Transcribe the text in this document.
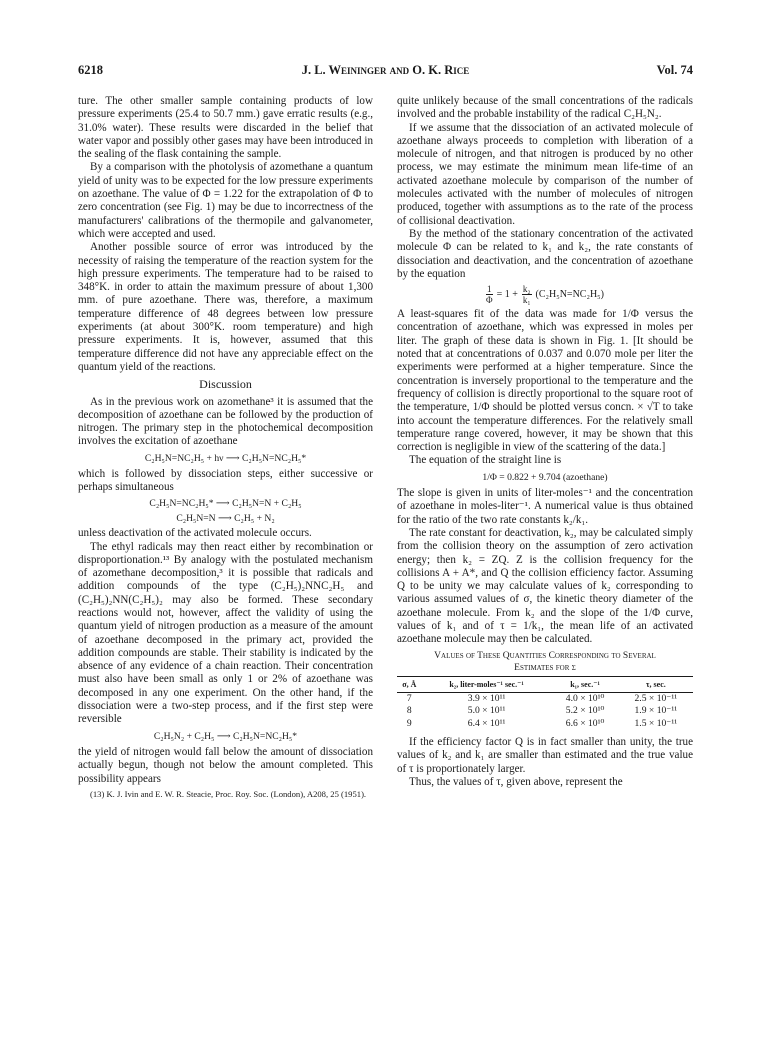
6218	J. L. Weininger and O. K. Rice	Vol. 74

ture. The other smaller sample containing products of low pressure experiments (25.4 to 50.7 mm.) gave erratic results (e.g., 31.0% water). These results were discarded in the belief that water vapor and possibly other gases may have been introduced in the sealing of the flask containing the sample.

By a comparison with the photolysis of azomethane a quantum yield of unity was to be expected for the low pressure experiments on azoethane. The value of Φ = 1.22 for the extrapolation of Φ to zero concentration (see Fig. 1) may be due to incorrectness of the manufacturers' calibrations of the thermopile and galvanometer, which were accepted and used.

Another possible source of error was introduced by the necessity of raising the temperature of the reaction system for the high pressure experiments. The temperature had to be raised to 348°K. in order to attain the maximum pressure of about 1,300 mm. of pure azoethane. There was, therefore, a maximum temperature difference of 48 degrees between low pressure experiments (at about 300°K. room temperature) and high pressure experiments. It is, however, assumed that this temperature difference did not have any appreciable effect on the quantum yield of the reactions.

Discussion

As in the previous work on azomethane³ it is assumed that the decomposition of azoethane can be followed by the production of nitrogen. The primary step in the photochemical decomposition involves the excitation of azoethane

C₂H₅N=NC₂H₅ + hν ⟶ C₂H₅N=NC₂H₅*

which is followed by dissociation steps, either successive or perhaps simultaneous

C₂H₅N=NC₂H₅* ⟶ C₂H₅N=N + C₂H₅
C₂H₅N=N ⟶ C₂H₅ + N₂

unless deactivation of the activated molecule occurs.

The ethyl radicals may then react either by recombination or disproportionation.¹³ By analogy with the postulated mechanism of azomethane decomposition,³ it is possible that radicals and addition compounds of the type (C₂H₅)₂NNC₂H₅ and (C₂H₅)₂NN(C₂H₅)₂ may also be formed. These secondary reactions would not, however, affect the validity of using the quantum yield of nitrogen production as a measure of the amount of azoethane decomposed in the primary act, provided the addition compounds are stable. Their stability is indicated by the absence of any evidence of a chain reaction. Their concentration must also have been small as only 1 or 2% of azoethane was decomposed in any one experiment. On the other hand, if the dissociation were a two-step process, and if the first step were reversible

C₂H₅N₂ + C₂H₅ ⟶ C₂H₅N=NC₂H₅*

the yield of nitrogen would fall below the amount of dissociation actually begun, though not below the amount completed. This possibility appears

(13) K. J. Ivin and E. W. R. Steacie, Proc. Roy. Soc. (London), A208, 25 (1951).

quite unlikely because of the small concentrations of the radicals involved and the probable instability of the radical C₂H₅N₂.

If we assume that the dissociation of an activated molecule of azoethane always proceeds to completion with liberation of a molecule of nitrogen, and that nitrogen is produced by no other process, we may estimate the minimum mean life-time of an activated azoethane molecule by comparison of the number of molecules activated with the number of molecules of nitrogen produced, together with assumptions as to the rate of the process of collisional deactivation.

By the method of the stationary concentration of the activated molecule Φ can be related to k₁ and k₂, the rate constants of dissociation and deactivation, and the concentration of azoethane by the equation

$\frac{1}{\Phi} = 1 + \frac{\text{k₂}}{\text{k₁}} (C_2H_5N=NC_2H_5)$

A least-squares fit of the data was made for 1/Φ versus the concentration of azoethane, which was expressed in moles per liter. The graph of these data is shown in Fig. 1. [It should be noted that at concentrations of 0.037 and 0.070 mole per liter the experiments were performed at a higher temperature. Since the concentration is inversely proportional to the temperature and the frequency of collision is directly proportional to the square root of the temperature, 1/Φ should be plotted versus concn. × √T to take into account the temperature differences. For the relatively small temperature range covered, however, it may be shown that this correction is negligible in view of the scattering of the data.]

The equation of the straight line is

1/Φ = 0.822 + 9.704 (azoethane)

The slope is given in units of liter-moles⁻¹ and the concentration of azoethane in moles-liter⁻¹. A numerical value is thus obtained for the ratio of the two rate constants k₂/k₁.

The rate constant for deactivation, k₂, may be calculated simply from the collision theory on the assumption of zero activation energy; then k₂ = ZQ. Z is the collision frequency for the collisions A + A*, and Q the collision efficiency factor. Assuming Q to be unity we may calculate values of k₂ corresponding to various assumed values of σ, the kinetic theory diameter of the azoethane molecule. From k₂ and the slope of the 1/Φ curve, values of k₁ and of τ = 1/k₁, the mean life of an activated azoethane molecule may then be calculated.

Values of These Quantities Corresponding to Several
Estimates for σ
σ, Å	k₂, liter-moles⁻¹ sec.⁻¹	k₁, sec.⁻¹	τ, sec.
7	3.9 × 10¹¹	4.0 × 10¹⁰	2.5 × 10⁻¹¹
8	5.0 × 10¹¹	5.2 × 10¹⁰	1.9 × 10⁻¹¹
9	6.4 × 10¹¹	6.6 × 10¹⁰	1.5 × 10⁻¹¹

If the efficiency factor Q is in fact smaller than unity, the true values of k₂ and k₁ are smaller than estimated and the true value of τ is proportionately larger.

Thus, the values of τ, given above, represent the
